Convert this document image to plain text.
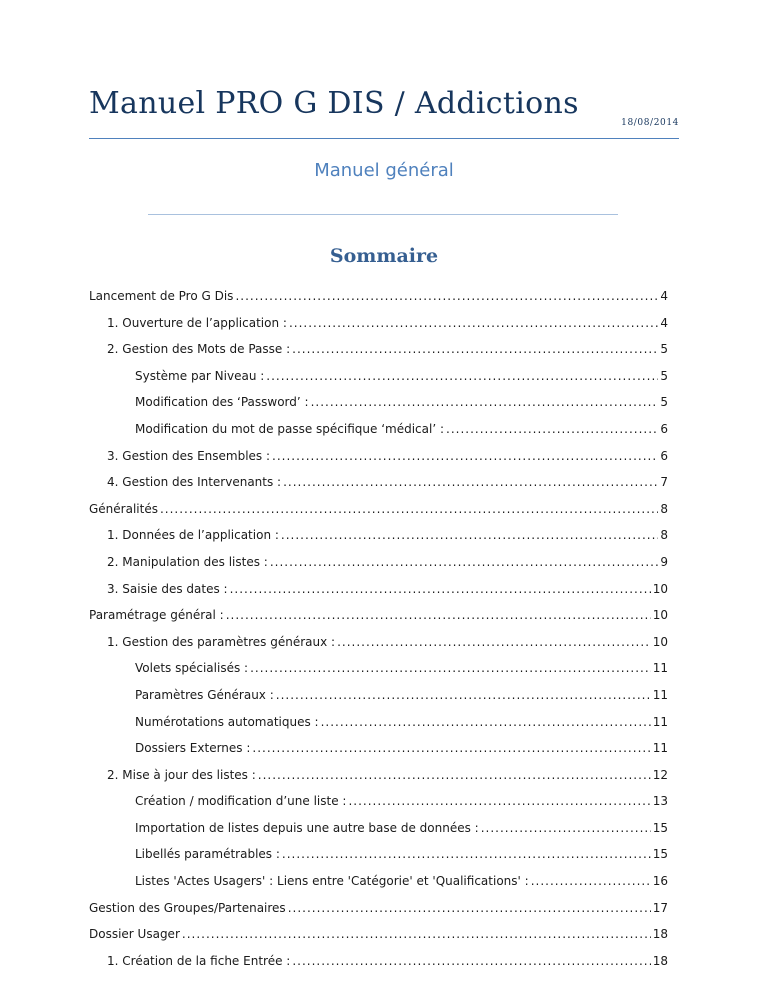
Manuel PRO G DIS / Addictions
18/08/2014
Manuel général
Sommaire
Lancement de Pro G Dis .....	4
1. Ouverture de l’application : .....	4
2. Gestion des Mots de Passe : .....	5
Système par Niveau : .....	5
Modification des ‘Password’ : .....	5
Modification du mot de passe spécifique ‘médical’ : .....	6
3. Gestion des Ensembles : .....	6
4. Gestion des Intervenants : .....	7
Généralités .....	8
1. Données de l’application : .....	8
2. Manipulation des listes : .....	9
3. Saisie des dates : .....	10
Paramétrage général : .....	10
1. Gestion des paramètres généraux : .....	10
Volets spécialisés : .....	11
Paramètres Généraux : .....	11
Numérotations automatiques : .....	11
Dossiers Externes : .....	11
2. Mise à jour des listes : .....	12
Création / modification d’une liste : .....	13
Importation de listes depuis une autre base de données : .....	15
Libellés paramétrables : .....	15
Listes 'Actes Usagers' : Liens entre 'Catégorie' et 'Qualifications' : .....	16
Gestion des Groupes/Partenaires .....	17
Dossier Usager .....	18
1. Création de la fiche Entrée : .....	18
